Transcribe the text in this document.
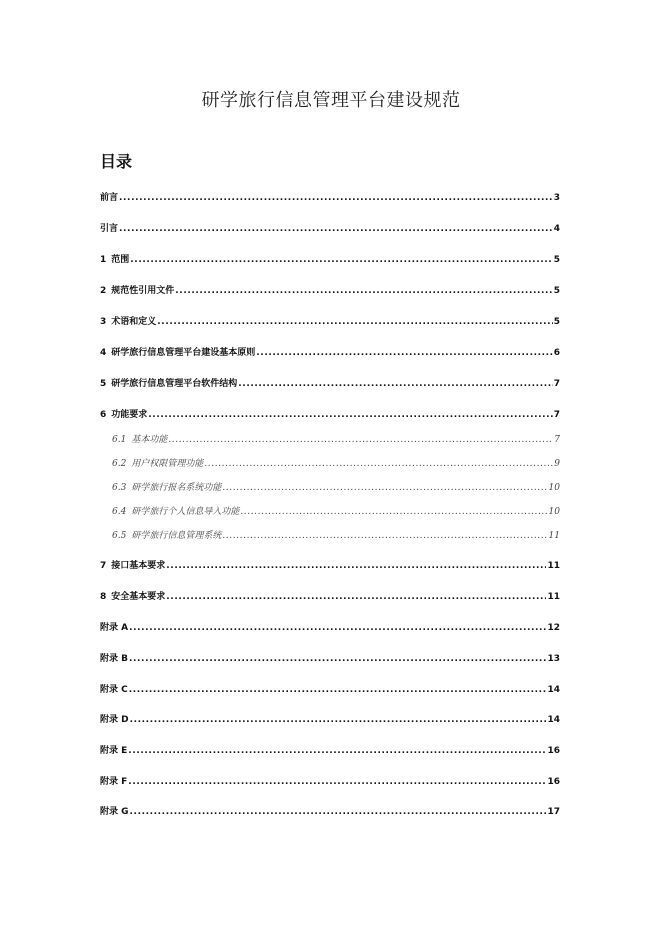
研学旅行信息管理平台建设规范
目录
前言 .....	3
引言 .....	4
1 范围 .....	5
2 规范性引用文件 .....	5
3 术语和定义 .....	5
4 研学旅行信息管理平台建设基本原则 .....	6
5 研学旅行信息管理平台软件结构 .....	7
6 功能要求 .....	7
6.1 基本功能 .....	7
6.2 用户权限管理功能 .....	9
6.3 研学旅行报名系统功能 .....	10
6.4 研学旅行个人信息导入功能 .....	10
6.5 研学旅行信息管理系统 .....	11
7 接口基本要求 .....	11
8 安全基本要求 .....	11
附录 A .....	12
附录 B .....	13
附录 C .....	14
附录 D .....	14
附录 E .....	16
附录 F .....	16
附录 G .....	17
